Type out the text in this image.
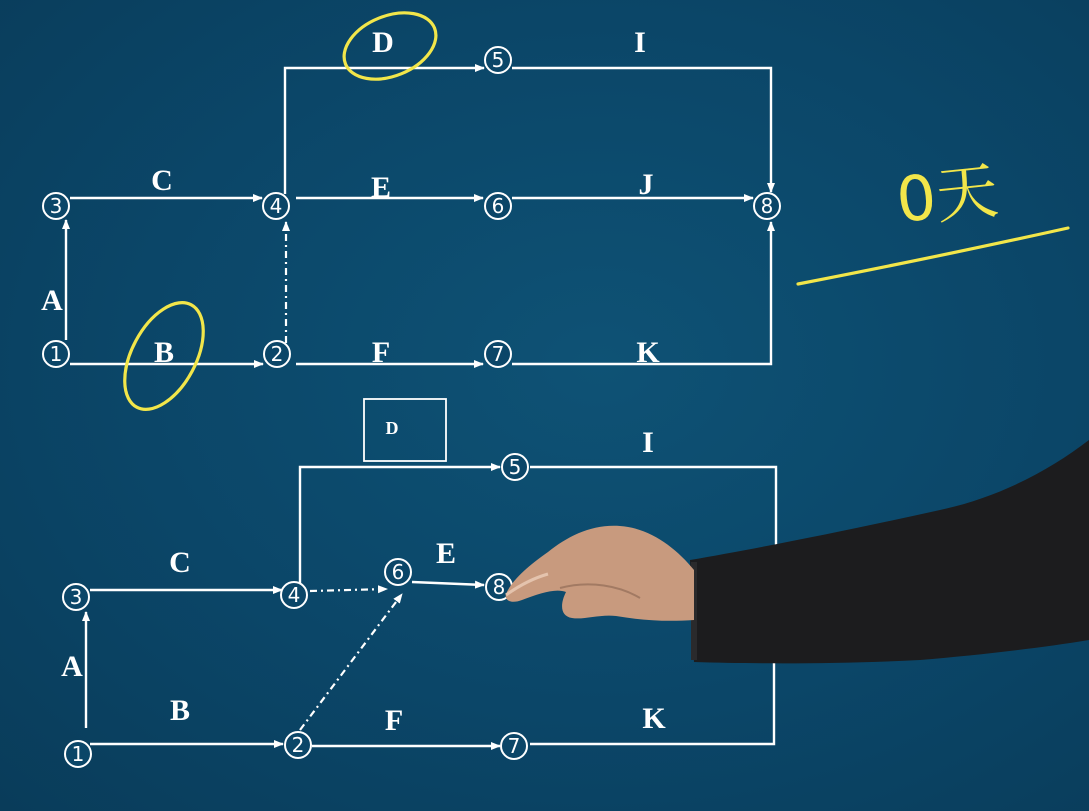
A
B
C
D
E
F
I
J
K
1	2
3	4
5
6
7
8 0天
A
B
C
D
E
F
I
K
1	2
3	4
5
6
7
8
